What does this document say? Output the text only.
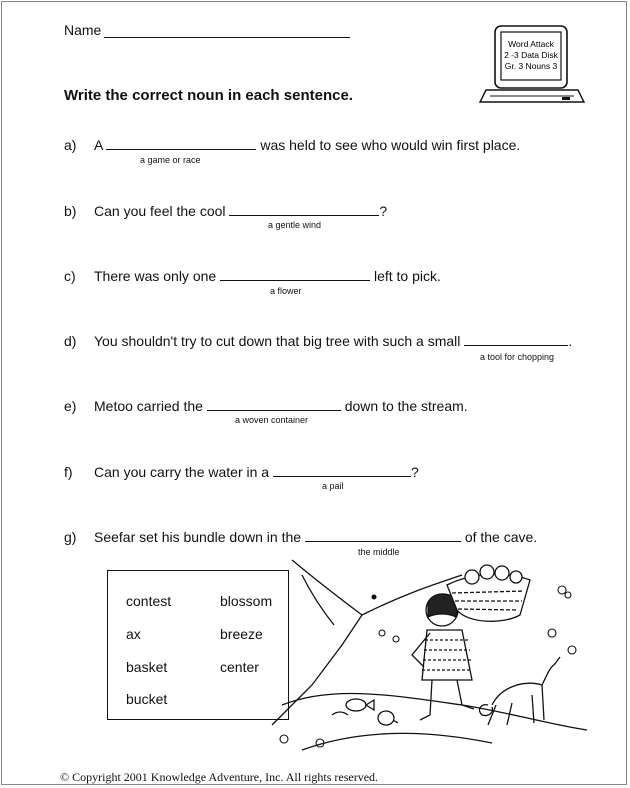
Name
Word Attack
2 -3 Data Disk
Gr. 3 Nouns 3
Write the correct noun in each sentence.
a) A	was held to see who would win first place.
a game or race
b) Can you feel the cool	?
a gentle wind
c) There was only one	left to pick.
a flower
d) You shouldn't try to cut down that big tree with such a small	.
a tool for chopping
e) Metoo carried the	down to the stream.
a woven container
f) Can you carry the water in a	?
a pail
g) Seefar set his bundle down in the	of the cave.
the middle
contest	blossom
ax	breeze
basket	center
bucket
© Copyright 2001 Knowledge Adventure, Inc. All rights reserved.
